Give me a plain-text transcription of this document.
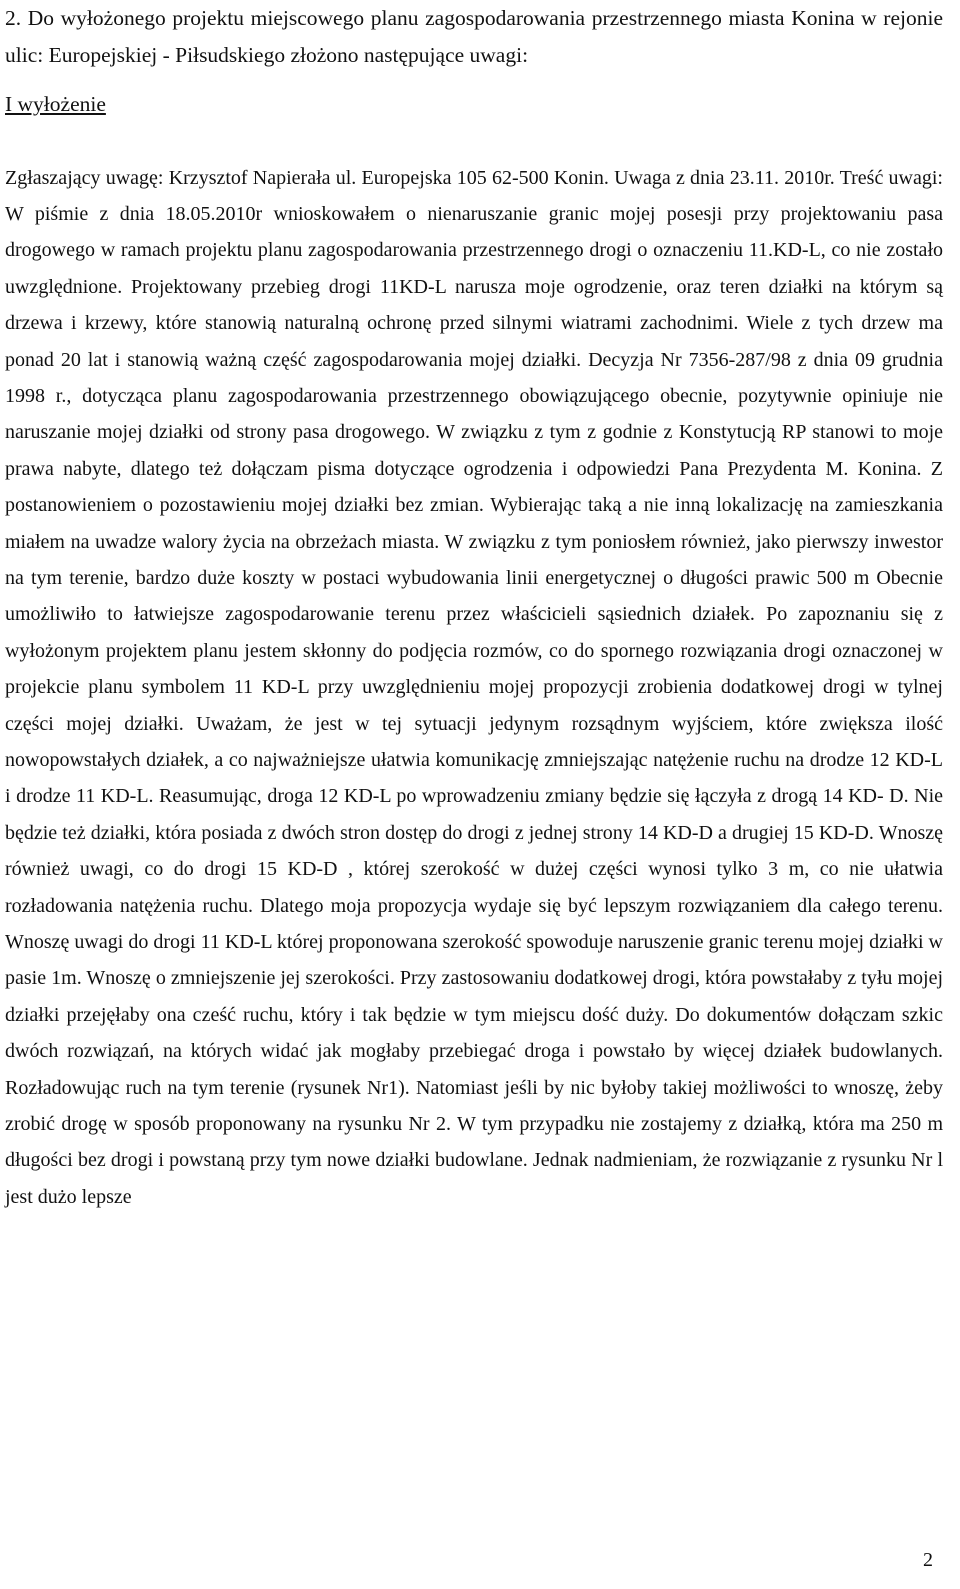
2. Do wyłożonego projektu miejscowego planu zagospodarowania przestrzennego miasta Konina w rejonie ulic: Europejskiej - Piłsudskiego złożono następujące uwagi:

I wyłożenie

Zgłaszający uwagę: Krzysztof Napierała ul. Europejska 105 62-500 Konin. Uwaga z dnia 23.11. 2010r. Treść uwagi: W piśmie z dnia 18.05.2010r wnioskowałem o nienaruszanie granic mojej posesji przy projektowaniu pasa drogowego w ramach projektu planu zagospodarowania przestrzennego drogi o oznaczeniu 11.KD-L, co nie zostało uwzględnione. Projektowany przebieg drogi 11KD-L narusza moje ogrodzenie, oraz teren działki na którym są drzewa i krzewy, które stanowią naturalną ochronę przed silnymi wiatrami zachodnimi. Wiele z tych drzew ma ponad 20 lat i stanowią ważną część zagospodarowania mojej działki. Decyzja Nr 7356-287/98 z dnia 09 grudnia 1998 r., dotycząca planu zagospodarowania przestrzennego obowiązującego obecnie, pozytywnie opiniuje nie naruszanie mojej działki od strony pasa drogowego. W związku z tym z godnie z Konstytucją RP stanowi to moje prawa nabyte, dlatego też dołączam pisma dotyczące ogrodzenia i odpowiedzi Pana Prezydenta M. Konina. Z postanowieniem o pozostawieniu mojej działki bez zmian. Wybierając taką a nie inną lokalizację na zamieszkania miałem na uwadze walory życia na obrzeżach miasta. W związku z tym poniosłem również, jako pierwszy inwestor na tym terenie, bardzo duże koszty w postaci wybudowania linii energetycznej o długości prawic 500 m Obecnie umożliwiło to łatwiejsze zagospodarowanie terenu przez właścicieli sąsiednich działek. Po zapoznaniu się z wyłożonym projektem planu jestem skłonny do podjęcia rozmów, co do spornego rozwiązania drogi oznaczonej w projekcie planu symbolem 11 KD-L przy uwzględnieniu mojej propozycji zrobienia dodatkowej drogi w tylnej części mojej działki. Uważam, że jest w tej sytuacji jedynym rozsądnym wyjściem, które zwiększa ilość nowopowstałych działek, a co najważniejsze ułatwia komunikację zmniejszając natężenie ruchu na drodze 12 KD-L i drodze 11 KD-L. Reasumując, droga 12 KD-L po wprowadzeniu zmiany będzie się łączyła z drogą 14 KD- D. Nie będzie też działki, która posiada z dwóch stron dostęp do drogi z jednej strony 14 KD-D a drugiej 15 KD-D. Wnoszę również uwagi, co do drogi 15 KD-D , której szerokość w dużej części wynosi tylko 3 m, co nie ułatwia rozładowania natężenia ruchu. Dlatego moja propozycja wydaje się być lepszym rozwiązaniem dla całego terenu. Wnoszę uwagi do drogi 11 KD-L której proponowana szerokość spowoduje naruszenie granic terenu mojej działki w pasie 1m. Wnoszę o zmniejszenie jej szerokości. Przy zastosowaniu dodatkowej drogi, która powstałaby z tyłu mojej działki przejęłaby ona cześć ruchu, który i tak będzie w tym miejscu dość duży. Do dokumentów dołączam szkic dwóch rozwiązań, na których widać jak mogłaby przebiegać droga i powstało by więcej działek budowlanych. Rozładowując ruch na tym terenie (rysunek Nr1). Natomiast jeśli by nic byłoby takiej możliwości to wnoszę, żeby zrobić drogę w sposób proponowany na rysunku Nr 2. W tym przypadku nie zostajemy z działką, która ma 250 m długości bez drogi i powstaną przy tym nowe działki budowlane. Jednak nadmieniam, że rozwiązanie z rysunku Nr l jest dużo lepsze

2
